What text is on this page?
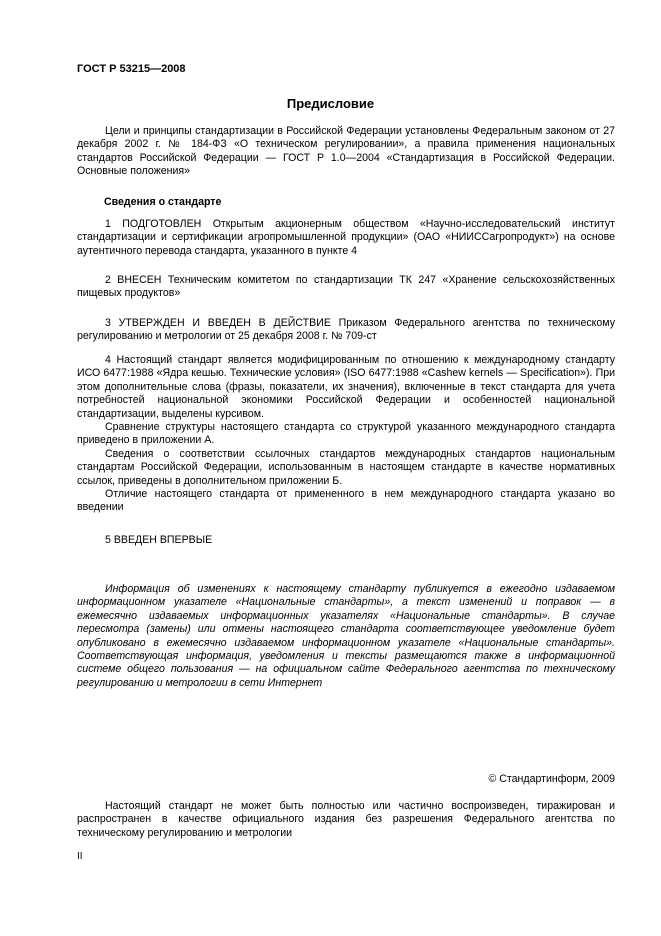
ГОСТ Р 53215—2008
Предисловие

Цели и принципы стандартизации в Российской Федерации установлены Федеральным законом от 27 декабря 2002 г. № 184-ФЗ «О техническом регулировании», а правила применения национальных стандартов Российской Федерации — ГОСТ Р 1.0—2004 «Стандартизация в Российской Федерации. Основные положения»

Сведения о стандарте

1 ПОДГОТОВЛЕН Открытым акционерным обществом «Научно-исследовательский институт стандартизации и сертификации агропромышленной продукции» (ОАО «НИИССагропродукт») на основе аутентичного перевода стандарта, указанного в пункте 4

2 ВНЕСЕН Техническим комитетом по стандартизации ТК 247 «Хранение сельскохозяйственных пищевых продуктов»

3 УТВЕРЖДЕН И ВВЕДЕН В ДЕЙСТВИЕ Приказом Федерального агентства по техническому регулированию и метрологии от 25 декабря 2008 г. № 709-ст

4 Настоящий стандарт является модифицированным по отношению к международному стандарту ИСО 6477:1988 «Ядра кешью. Технические условия» (ISO 6477:1988 «Cashew kernels — Specification»). При этом дополнительные слова (фразы, показатели, их значения), включенные в текст стандарта для учета потребностей национальной экономики Российской Федерации и особенностей национальной стандартизации, выделены курсивом.

Сравнение структуры настоящего стандарта со структурой указанного международного стандарта приведено в приложении А.

Сведения о соответствии ссылочных стандартов международных стандартов национальным стандартам Российской Федерации, использованным в настоящем стандарте в качестве нормативных ссылок, приведены в дополнительном приложении Б.

Отличие настоящего стандарта от примененного в нем международного стандарта указано во введении

5 ВВЕДЕН ВПЕРВЫЕ

Информация об изменениях к настоящему стандарту публикуется в ежегодно издаваемом информационном указателе «Национальные стандарты», а текст изменений и поправок — в ежемесячно издаваемых информационных указателях «Национальные стандарты». В случае пересмотра (замены) или отмены настоящего стандарта соответствующее уведомление будет опубликовано в ежемесячно издаваемом информационном указателе «Национальные стандарты». Соответствующая информация, уведомления и тексты размещаются также в информационной системе общего пользования — на официальном сайте Федерального агентства по техническому регулированию и метрологии в сети Интернет

© Стандартинформ, 2009

Настоящий стандарт не может быть полностью или частично воспроизведен, тиражирован и распространен в качестве официального издания без разрешения Федерального агентства по техническому регулированию и метрологии

II
